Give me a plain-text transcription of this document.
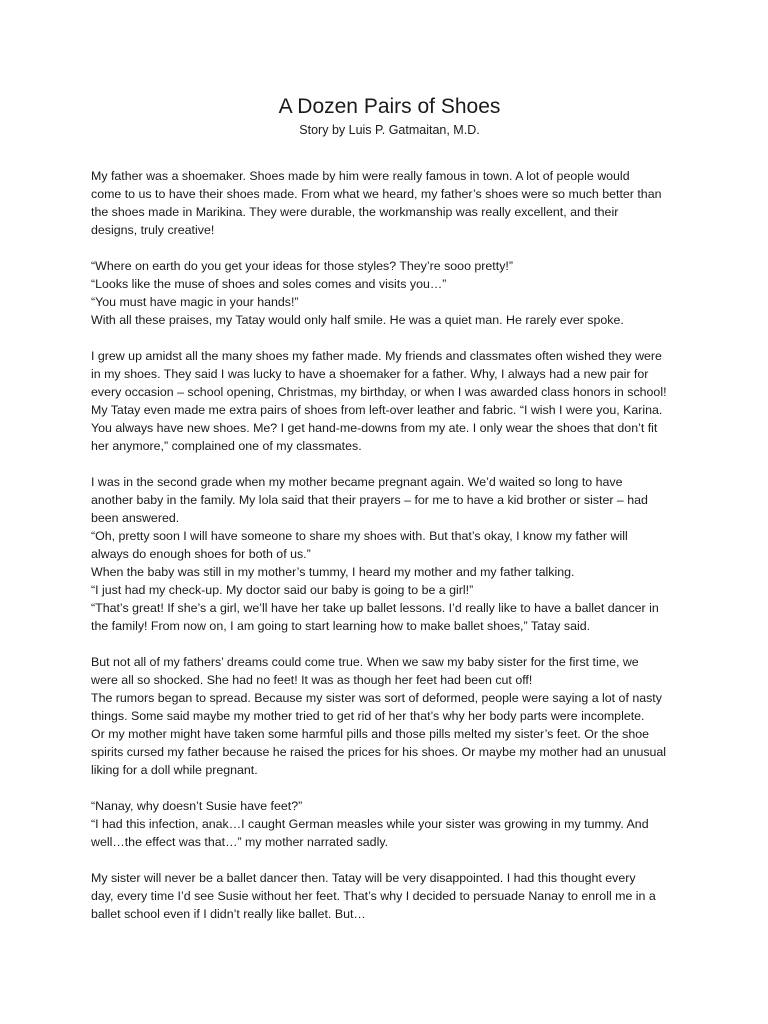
A Dozen Pairs of Shoes
Story by Luis P. Gatmaitan, M.D.
My father was a shoemaker. Shoes made by him were really famous in town. A lot of people would
come to us to have their shoes made. From what we heard, my father’s shoes were so much better than
the shoes made in Marikina. They were durable, the workmanship was really excellent, and their
designs, truly creative!
“Where on earth do you get your ideas for those styles? They’re sooo pretty!”
“Looks like the muse of shoes and soles comes and visits you…”
“You must have magic in your hands!”
With all these praises, my Tatay would only half smile. He was a quiet man. He rarely ever spoke.
I grew up amidst all the many shoes my father made. My friends and classmates often wished they were
in my shoes. They said I was lucky to have a shoemaker for a father. Why, I always had a new pair for
every occasion – school opening, Christmas, my birthday, or when I was awarded class honors in school!
My Tatay even made me extra pairs of shoes from left-over leather and fabric. “I wish I were you, Karina.
You always have new shoes. Me? I get hand-me-downs from my ate. I only wear the shoes that don’t fit
her anymore,” complained one of my classmates.
I was in the second grade when my mother became pregnant again. We’d waited so long to have
another baby in the family. My lola said that their prayers – for me to have a kid brother or sister – had
been answered.
“Oh, pretty soon I will have someone to share my shoes with. But that’s okay, I know my father will
always do enough shoes for both of us.”
When the baby was still in my mother’s tummy, I heard my mother and my father talking.
“I just had my check-up. My doctor said our baby is going to be a girl!”
“That’s great! If she’s a girl, we’ll have her take up ballet lessons. I’d really like to have a ballet dancer in
the family! From now on, I am going to start learning how to make ballet shoes,” Tatay said.
But not all of my fathers’ dreams could come true. When we saw my baby sister for the first time, we
were all so shocked. She had no feet! It was as though her feet had been cut off!
The rumors began to spread. Because my sister was sort of deformed, people were saying a lot of nasty
things. Some said maybe my mother tried to get rid of her that’s why her body parts were incomplete.
Or my mother might have taken some harmful pills and those pills melted my sister’s feet. Or the shoe
spirits cursed my father because he raised the prices for his shoes. Or maybe my mother had an unusual
liking for a doll while pregnant.
“Nanay, why doesn’t Susie have feet?”
“I had this infection, anak…I caught German measles while your sister was growing in my tummy. And
well…the effect was that…” my mother narrated sadly.
My sister will never be a ballet dancer then. Tatay will be very disappointed. I had this thought every
day, every time I’d see Susie without her feet. That’s why I decided to persuade Nanay to enroll me in a
ballet school even if I didn’t really like ballet. But…
